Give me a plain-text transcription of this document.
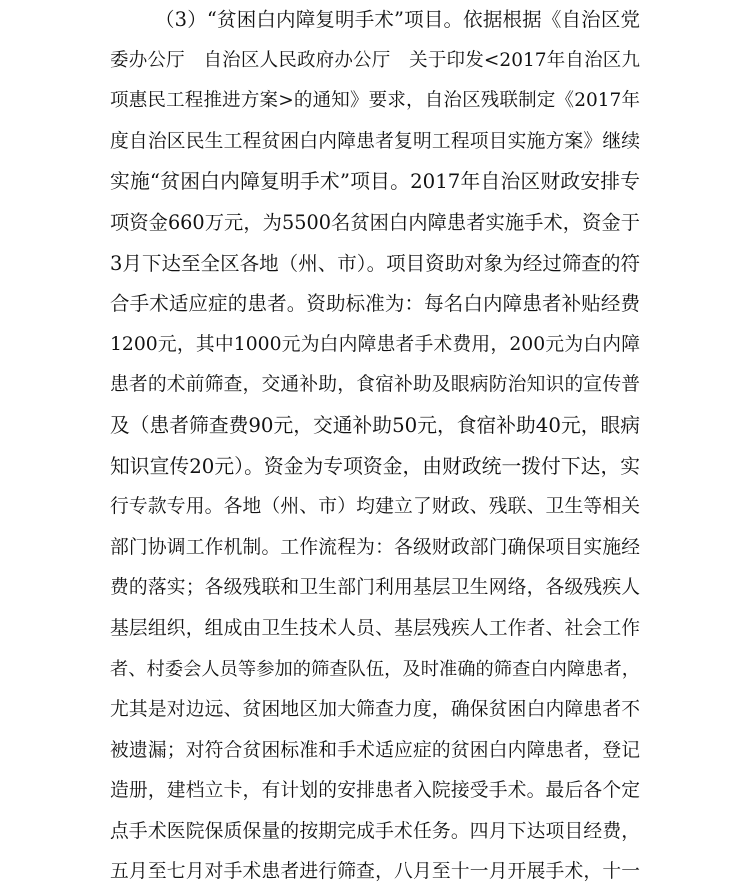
（3）“贫困白内障复明手术”项目。依据根据《自治区党
委办公厅　自治区人民政府办公厅　关于印发<2017年自治区九
项惠民工程推进方案>的通知》要求，自治区残联制定《2017年
度自治区民生工程贫困白内障患者复明工程项目实施方案》继续
实施“贫困白内障复明手术”项目。2017年自治区财政安排专
项资金660万元，为5500名贫困白内障患者实施手术，资金于
3月下达至全区各地（州、市）。项目资助对象为经过筛查的符
合手术适应症的患者。资助标准为：每名白内障患者补贴经费
1200元，其中1000元为白内障患者手术费用，200元为白内障
患者的术前筛查，交通补助，食宿补助及眼病防治知识的宣传普
及（患者筛查费90元，交通补助50元，食宿补助40元，眼病
知识宣传20元）。资金为专项资金，由财政统一拨付下达，实
行专款专用。各地（州、市）均建立了财政、残联、卫生等相关
部门协调工作机制。工作流程为：各级财政部门确保项目实施经
费的落实；各级残联和卫生部门利用基层卫生网络，各级残疾人
基层组织，组成由卫生技术人员、基层残疾人工作者、社会工作
者、村委会人员等参加的筛查队伍，及时准确的筛查白内障患者，
尤其是对边远、贫困地区加大筛查力度，确保贫困白内障患者不
被遗漏；对符合贫困标准和手术适应症的贫困白内障患者，登记
造册，建档立卡，有计划的安排患者入院接受手术。最后各个定
点手术医院保质保量的按期完成手术任务。四月下达项目经费，
五月至七月对手术患者进行筛查，八月至十一月开展手术，十一
